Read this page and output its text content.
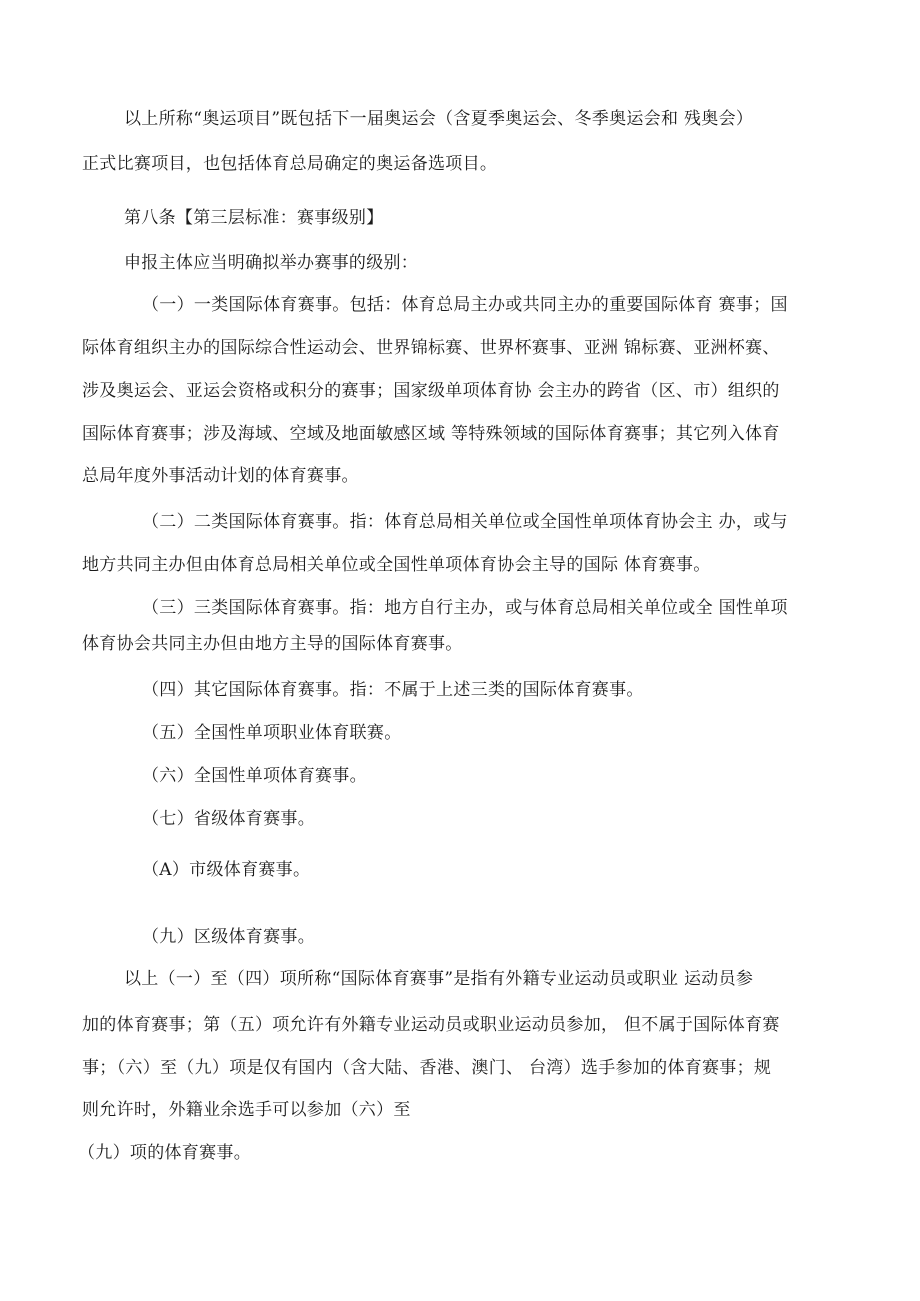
以上所称“奥运项目”既包括下一届奥运会（含夏季奥运会、冬季奥运会和 残奥会）
正式比赛项目，也包括体育总局确定的奥运备选项目。
第八条【第三层标准：赛事级别】
申报主体应当明确拟举办赛事的级别：
（一）一类国际体育赛事。包括：体育总局主办或共同主办的重要国际体育 赛事；国
际体育组织主办的国际综合性运动会、世界锦标赛、世界杯赛事、亚洲 锦标赛、亚洲杯赛、
涉及奥运会、亚运会资格或积分的赛事；国家级单项体育协 会主办的跨省（区、市）组织的
国际体育赛事；涉及海域、空域及地面敏感区域 等特殊领域的国际体育赛事；其它列入体育
总局年度外事活动计划的体育赛事。
（二）二类国际体育赛事。指：体育总局相关单位或全国性单项体育协会主 办，或与
地方共同主办但由体育总局相关单位或全国性单项体育协会主导的国际 体育赛事。
（三）三类国际体育赛事。指：地方自行主办，或与体育总局相关单位或全 国性单项
体育协会共同主办但由地方主导的国际体育赛事。
（四）其它国际体育赛事。指：不属于上述三类的国际体育赛事。
（五）全国性单项职业体育联赛。
（六）全国性单项体育赛事。
（七）省级体育赛事。
（A）市级体育赛事。
（九）区级体育赛事。
以上（一）至（四）项所称“国际体育赛事”是指有外籍专业运动员或职业 运动员参
加的体育赛事；第（五）项允许有外籍专业运动员或职业运动员参加， 但不属于国际体育赛
事；（六）至（九）项是仅有国内（含大陆、香港、澳门、 台湾）选手参加的体育赛事；规
则允许时，外籍业余选手可以参加（六）至
（九）项的体育赛事。
